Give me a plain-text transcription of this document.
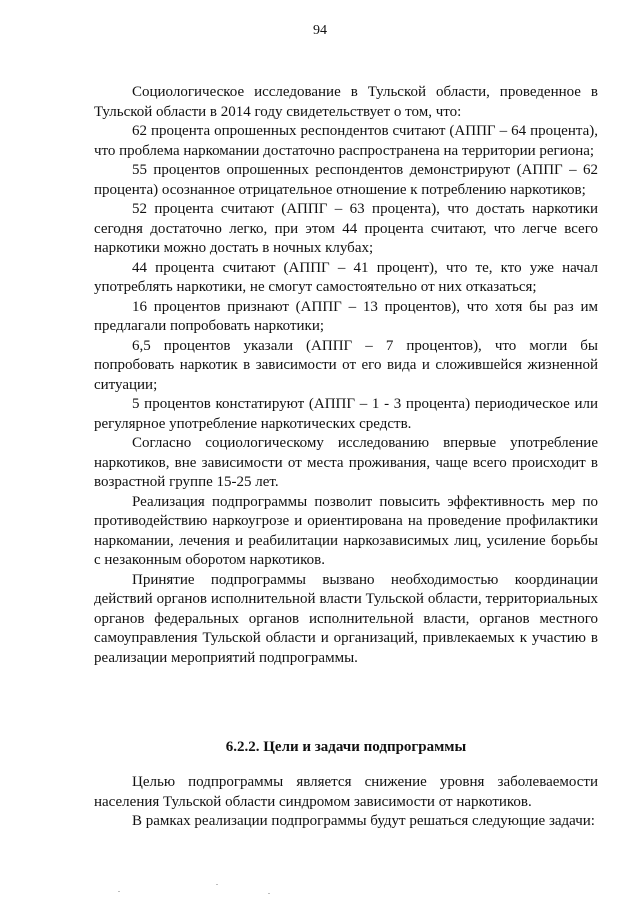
94

Социологическое исследование в Тульской области, проведенное в Тульской области в 2014 году свидетельствует о том, что:

62 процента опрошенных респондентов считают (АППГ – 64 процента), что проблема наркомании достаточно распространена на территории региона;

55 процентов опрошенных респондентов демонстрируют (АППГ – 62 процента) осознанное отрицательное отношение к потреблению наркотиков;

52 процента считают (АППГ – 63 процента), что достать наркотики сегодня достаточно легко, при этом 44 процента считают, что легче всего наркотики можно достать в ночных клубах;

44 процента считают (АППГ – 41 процент), что те, кто уже начал употреблять наркотики, не смогут самостоятельно от них отказаться;

16 процентов признают (АППГ – 13 процентов), что хотя бы раз им предлагали попробовать наркотики;

6,5 процентов указали (АППГ – 7 процентов), что могли бы попробовать наркотик в зависимости от его вида и сложившейся жизненной ситуации;

5 процентов констатируют (АППГ – 1 - 3 процента) периодическое или регулярное употребление наркотических средств.

Согласно социологическому исследованию впервые употребление наркотиков, вне зависимости от места проживания, чаще всего происходит в возрастной группе 15-25 лет.

Реализация подпрограммы позволит повысить эффективность мер по противодействию наркоугрозе и ориентирована на проведение профилактики наркомании, лечения и реабилитации наркозависимых лиц, усиление борьбы с незаконным оборотом наркотиков.

Принятие подпрограммы вызвано необходимостью координации действий органов исполнительной власти Тульской области, территориальных органов федеральных органов исполнительной власти, органов местного самоуправления Тульской области и организаций, привлекаемых к участию в реализации мероприятий подпрограммы.

6.2.2. Цели и задачи подпрограммы

Целью подпрограммы является снижение уровня заболеваемости населения Тульской области синдромом зависимости от наркотиков.

В рамках реализации подпрограммы будут решаться следующие задачи:
